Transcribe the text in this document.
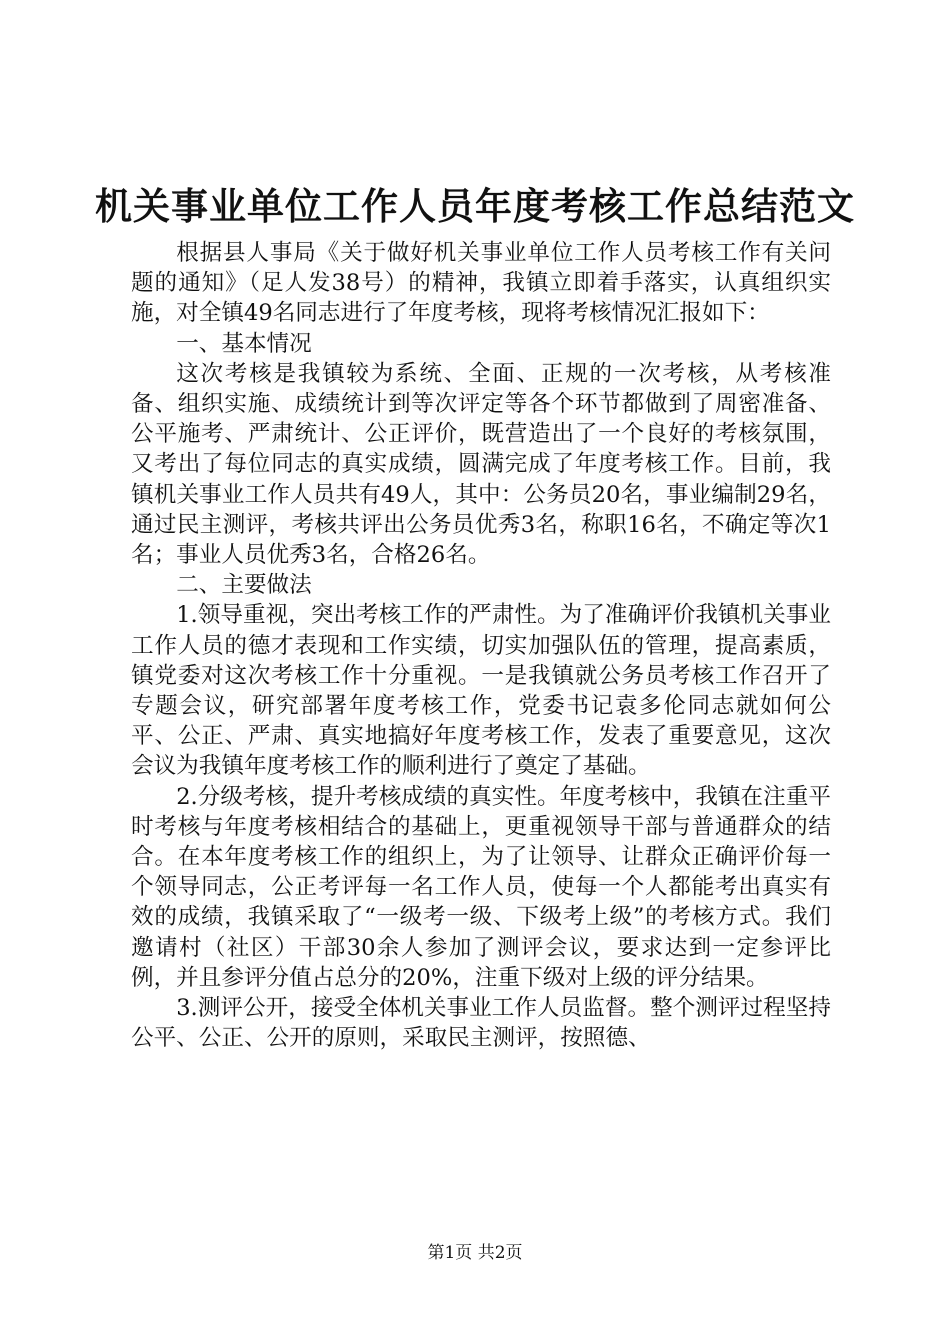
机关事业单位工作人员年度考核工作总结范文

根据县人事局《关于做好机关事业单位工作人员考核工作有关问题的通知》（足人发38号）的精神，我镇立即着手落实，认真组织实施，对全镇49名同志进行了年度考核，现将考核情况汇报如下：

一、基本情况

这次考核是我镇较为系统、全面、正规的一次考核，从考核准备、组织实施、成绩统计到等次评定等各个环节都做到了周密准备、公平施考、严肃统计、公正评价，既营造出了一个良好的考核氛围，又考出了每位同志的真实成绩，圆满完成了年度考核工作。目前，我镇机关事业工作人员共有49人，其中：公务员20名，事业编制29名，通过民主测评，考核共评出公务员优秀3名，称职16名，不确定等次1名；事业人员优秀3名，合格26名。

二、主要做法

1.领导重视，突出考核工作的严肃性。为了准确评价我镇机关事业工作人员的德才表现和工作实绩，切实加强队伍的管理，提高素质，镇党委对这次考核工作十分重视。一是我镇就公务员考核工作召开了专题会议，研究部署年度考核工作，党委书记袁多伦同志就如何公平、公正、严肃、真实地搞好年度考核工作，发表了重要意见，这次会议为我镇年度考核工作的顺利进行了奠定了基础。

2.分级考核，提升考核成绩的真实性。年度考核中，我镇在注重平时考核与年度考核相结合的基础上，更重视领导干部与普通群众的结合。在本年度考核工作的组织上，为了让领导、让群众正确评价每一个领导同志，公正考评每一名工作人员，使每一个人都能考出真实有效的成绩，我镇采取了“一级考一级、下级考上级”的考核方式。我们邀请村（社区）干部30余人参加了测评会议，要求达到一定参评比例，并且参评分值占总分的20%，注重下级对上级的评分结果。

3.测评公开，接受全体机关事业工作人员监督。整个测评过程坚持公平、公正、公开的原则，采取民主测评，按照德、

第1页 共2页
